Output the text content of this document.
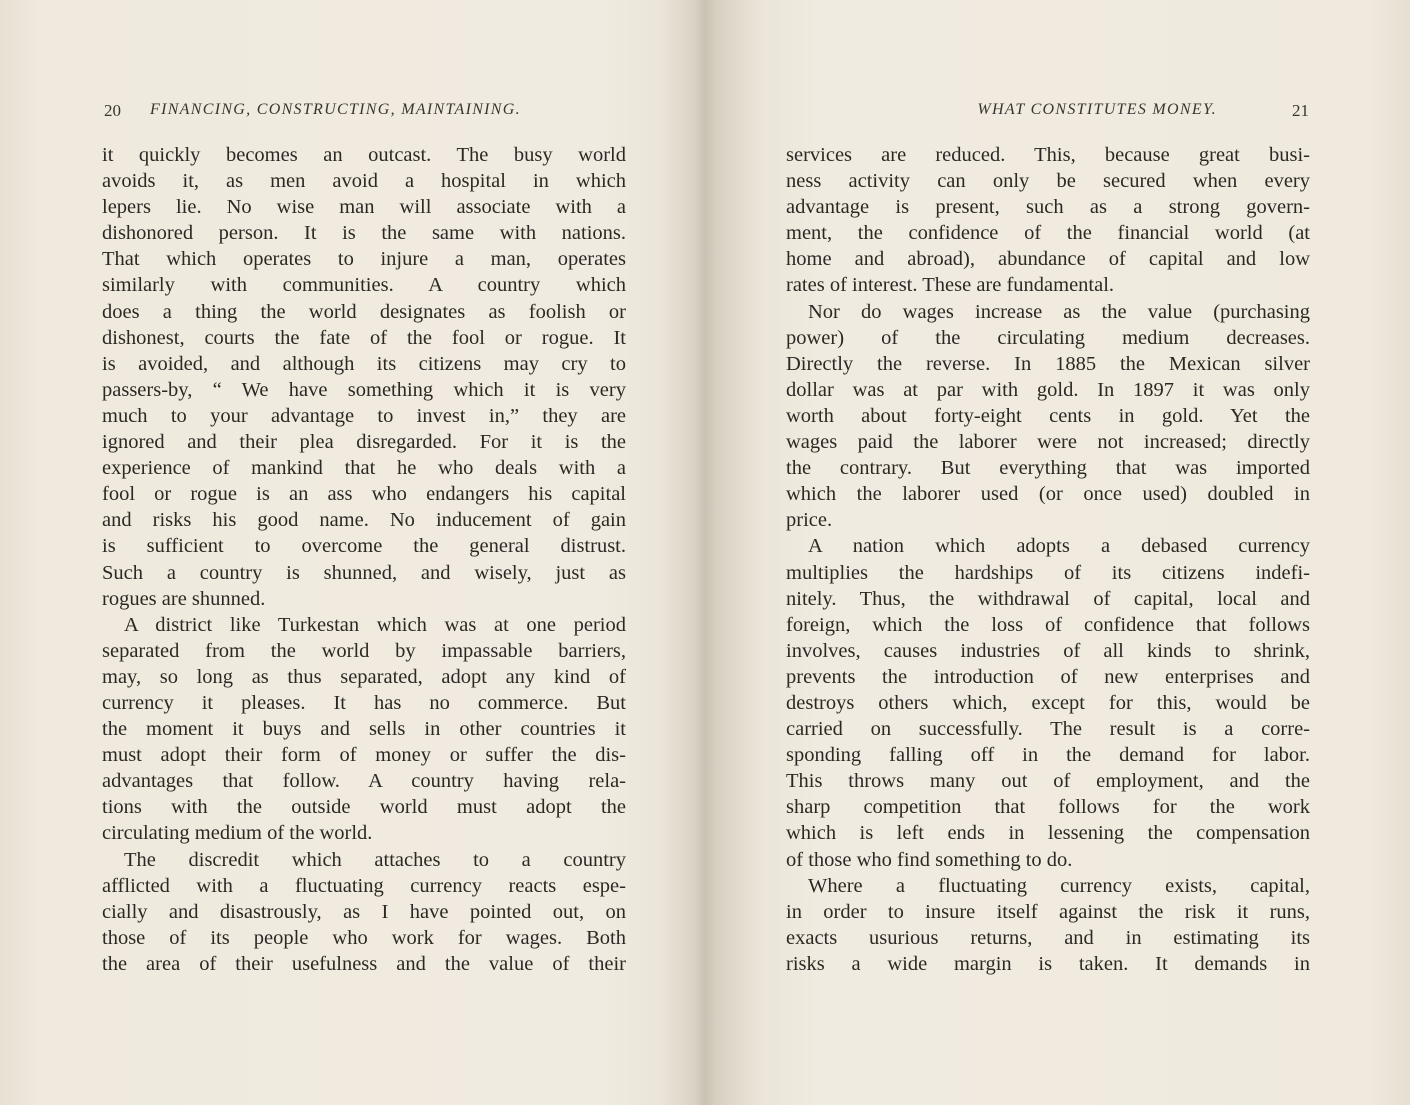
20 FINANCING, CONSTRUCTING, MAINTAINING.
it quickly becomes an outcast. The busy world
avoids it, as men avoid a hospital in which
lepers lie. No wise man will associate with a
dishonored person. It is the same with nations.
That which operates to injure a man, operates
similarly with communities. A country which
does a thing the world designates as foolish or
dishonest, courts the fate of the fool or rogue. It
is avoided, and although its citizens may cry to
passers-by, “ We have something which it is very
much to your advantage to invest in,” they are
ignored and their plea disregarded. For it is the
experience of mankind that he who deals with a
fool or rogue is an ass who endangers his capital
and risks his good name. No inducement of gain
is sufficient to overcome the general distrust.
Such a country is shunned, and wisely, just as
rogues are shunned.
A district like Turkestan which was at one period
separated from the world by impassable barriers,
may, so long as thus separated, adopt any kind of
currency it pleases. It has no commerce. But
the moment it buys and sells in other countries it
must adopt their form of money or suffer the dis-
advantages that follow. A country having rela-
tions with the outside world must adopt the
circulating medium of the world.
The discredit which attaches to a country
afflicted with a fluctuating currency reacts espe-
cially and disastrously, as I have pointed out, on
those of its people who work for wages. Both
the area of their usefulness and the value of their
WHAT CONSTITUTES MONEY.	21
services are reduced. This, because great busi-
ness activity can only be secured when every
advantage is present, such as a strong govern-
ment, the confidence of the financial world (at
home and abroad), abundance of capital and low
rates of interest. These are fundamental.
Nor do wages increase as the value (purchasing
power) of the circulating medium decreases.
Directly the reverse. In 1885 the Mexican silver
dollar was at par with gold. In 1897 it was only
worth about forty-eight cents in gold. Yet the
wages paid the laborer were not increased; directly
the contrary. But everything that was imported
which the laborer used (or once used) doubled in
price.
A nation which adopts a debased currency
multiplies the hardships of its citizens indefi-
nitely. Thus, the withdrawal of capital, local and
foreign, which the loss of confidence that follows
involves, causes industries of all kinds to shrink,
prevents the introduction of new enterprises and
destroys others which, except for this, would be
carried on successfully. The result is a corre-
sponding falling off in the demand for labor.
This throws many out of employment, and the
sharp competition that follows for the work
which is left ends in lessening the compensation
of those who find something to do.
Where a fluctuating currency exists, capital,
in order to insure itself against the risk it runs,
exacts usurious returns, and in estimating its
risks a wide margin is taken. It demands in
